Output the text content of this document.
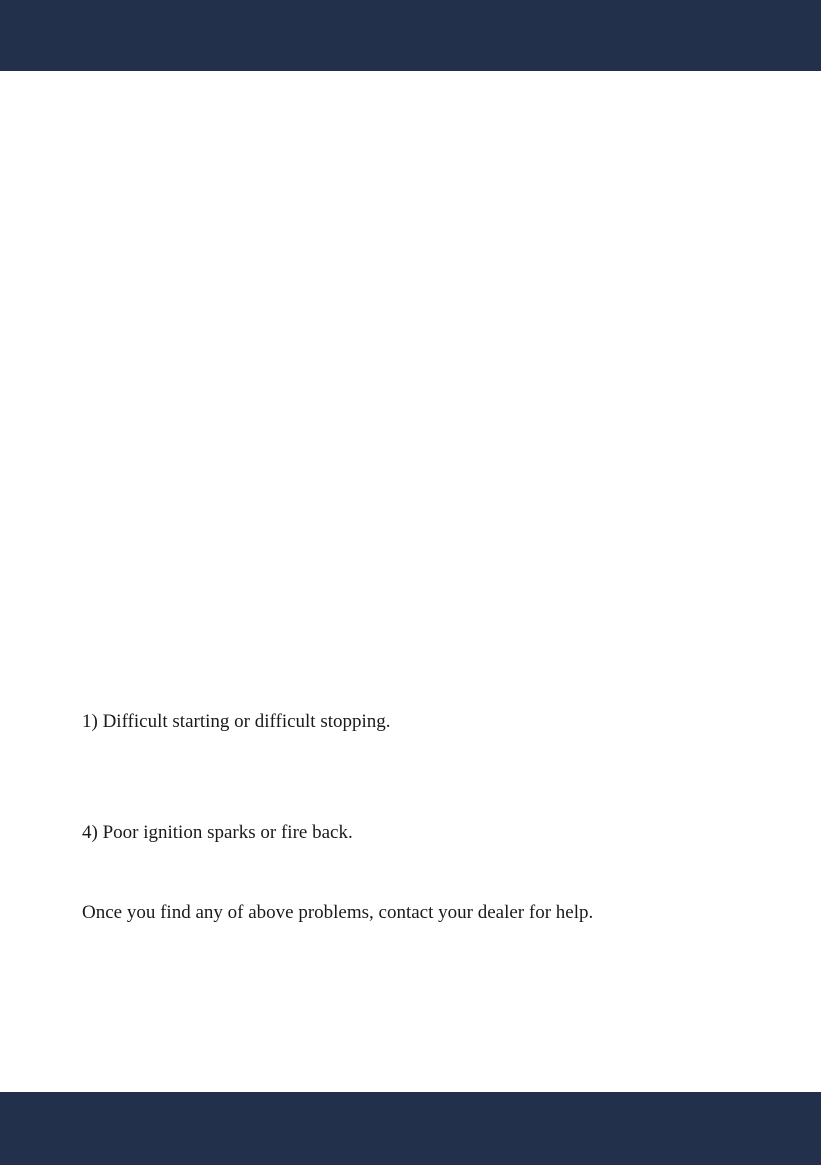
1) Difficult starting or difficult stopping.

4) Poor ignition sparks or fire back.

Once you find any of above problems, contact your dealer for help.
